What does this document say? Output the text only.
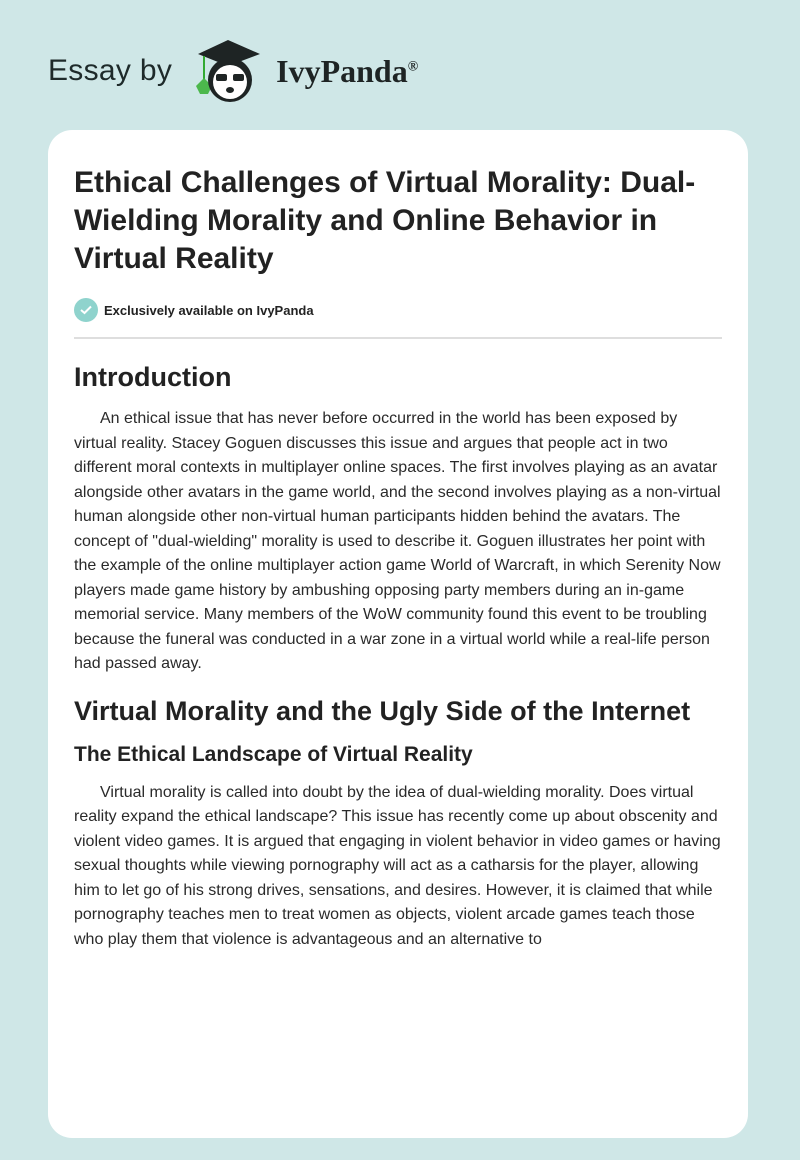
Essay by	IvyPanda®
Ethical Challenges of Virtual Morality: Dual-Wielding Morality and Online Behavior in Virtual Reality
Exclusively available on IvyPanda
Introduction

An ethical issue that has never before occurred in the world has been exposed by virtual reality. Stacey Goguen discusses this issue and argues that people act in two different moral contexts in multiplayer online spaces. The first involves playing as an avatar alongside other avatars in the game world, and the second involves playing as a non-virtual human alongside other non-virtual human participants hidden behind the avatars. The concept of "dual-wielding" morality is used to describe it. Goguen illustrates her point with the example of the online multiplayer action game World of Warcraft, in which Serenity Now players made game history by ambushing opposing party members during an in-game memorial service. Many members of the WoW community found this event to be troubling because the funeral was conducted in a war zone in a virtual world while a real-life person had passed away.

Virtual Morality and the Ugly Side of the Internet
The Ethical Landscape of Virtual Reality

Virtual morality is called into doubt by the idea of dual-wielding morality. Does virtual reality expand the ethical landscape? This issue has recently come up about obscenity and violent video games. It is argued that engaging in violent behavior in video games or having sexual thoughts while viewing pornography will act as a catharsis for the player, allowing him to let go of his strong drives, sensations, and desires. However, it is claimed that while pornography teaches men to treat women as objects, violent arcade games teach those who play them that violence is advantageous and an alternative to
